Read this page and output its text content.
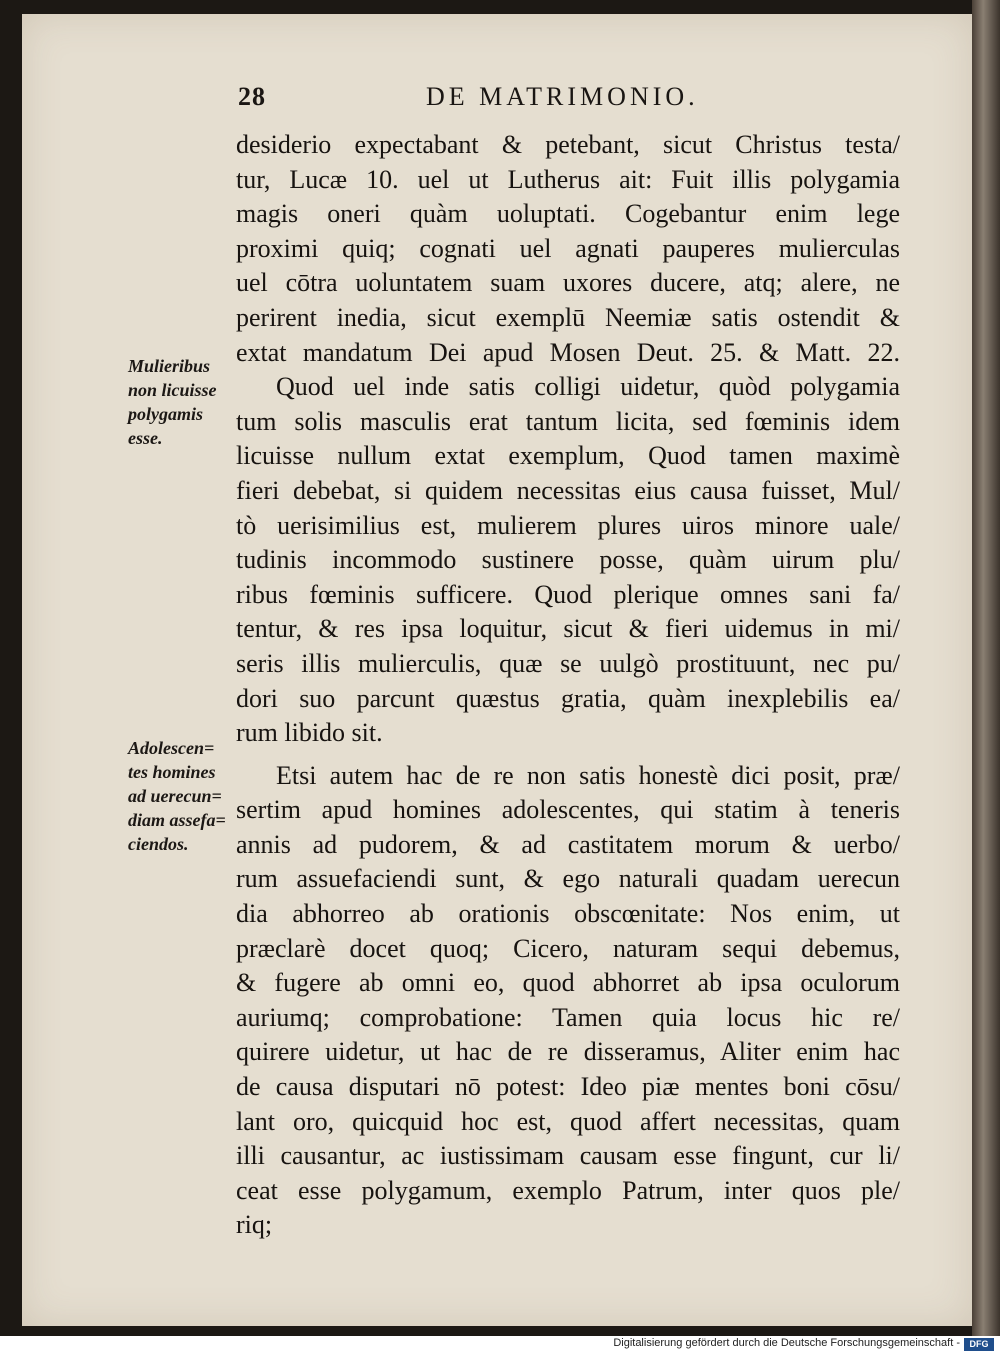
28	DE MATRIMONIO.
Mulieribus
non licuisse
polygamis
esse.
Adolescen=
tes homines
ad uerecun=
diam assefa=
ciendos.
desiderio expectabant & petebant, sicut Christus testa/
tur, Lucæ 10. uel ut Lutherus ait: Fuit illis polygamia
magis oneri quàm uoluptati. Cogebantur enim lege
proximi quiq; cognati uel agnati pauperes mulierculas
uel cōtra uoluntatem suam uxores ducere, atq; alere, ne
perirent inedia, sicut exemplū Neemiæ satis ostendit &
extat mandatum Dei apud Mosen Deut. 25. & Matt. 22.
Quod uel inde satis colligi uidetur, quòd polygamia
tum solis masculis erat tantum licita, sed fœminis idem
licuisse nullum extat exemplum, Quod tamen maximè
fieri debebat, si quidem necessitas eius causa fuisset, Mul/
tò uerisimilius est, mulierem plures uiros minore uale/
tudinis incommodo sustinere posse, quàm uirum plu/
ribus fœminis sufficere. Quod plerique omnes sani fa/
tentur, & res ipsa loquitur, sicut & fieri uidemus in mi/
seris illis mulierculis, quæ se uulgò prostituunt, nec pu/
dori suo parcunt quæstus gratia, quàm inexplebilis ea/
rum libido sit.
Etsi autem hac de re non satis honestè dici posit, præ/
sertim apud homines adolescentes, qui statim à teneris
annis ad pudorem, & ad castitatem morum & uerbo/
rum assuefaciendi sunt, & ego naturali quadam uerecun
dia abhorreo ab orationis obscœnitate: Nos enim, ut
præclarè docet quoq; Cicero, naturam sequi debemus,
& fugere ab omni eo, quod abhorret ab ipsa oculorum
auriumq; comprobatione: Tamen quia locus hic re/
quirere uidetur, ut hac de re disseramus, Aliter enim hac
de causa disputari nō potest: Ideo piæ mentes boni cōsu/
lant oro, quicquid hoc est, quod affert necessitas, quam
illi causantur, ac iustissimam causam esse fingunt, cur li/
ceat esse polygamum, exemplo Patrum, inter quos ple/
riq;
Digitalisierung gefördert durch die Deutsche Forschungsgemeinschaft -	DFG
